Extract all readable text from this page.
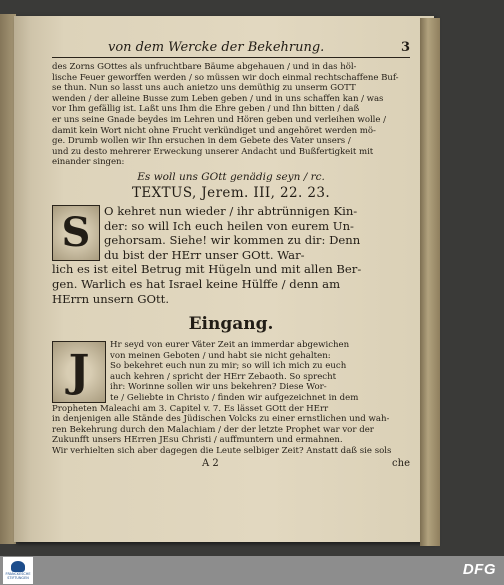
von dem Wercke der Bekehrung.	3
des Zorns GOttes als unfruchtbare Bäume abgehauen / und in das höl-
lische Feuer geworffen werden / so müssen wir doch einmal rechtschaffene Buf-
se thun. Nun so lasst uns auch anietzo uns demüthig zu unserm GOTT
wenden / der alleine Busse zum Leben geben / und in uns schaffen kan / was
vor Ihm gefällig ist. Laßt uns Ihm die Ehre geben / und Ihn bitten / daß
er uns seine Gnade beydes im Lehren und Hören geben und verleihen wolle /
damit kein Wort nicht ohne Frucht verkündiget und angehöret werden mö-
ge. Drumb wollen wir Ihn ersuchen in dem Gebete des Vater unsers /
und zu desto mehrerer Erweckung unserer Andacht und Bußfertigkeit mit
einander singen:
Es woll uns GOtt genädig seyn / rc.
TEXTUS, Jerem. III, 22. 23.
S	O kehret nun wieder / ihr abtrünnigen Kin-
der: so will Ich euch heilen von eurem Un-
gehorsam. Siehe! wir kommen zu dir: Denn
du bist der HErr unser GOtt. War-
lich es ist eitel Betrug mit Hügeln und mit allen Ber-
gen. Warlich es hat Israel keine Hülffe / denn am
HErrn unsern GOtt.
Eingang.
J
Hr seyd von eurer Väter Zeit an immerdar abgewichen
von meinen Geboten / und habt sie nicht gehalten:
So bekehret euch nun zu mir; so will ich mich zu euch
auch kehren / spricht der HErr Zebaoth. So sprecht
ihr: Worinne sollen wir uns bekehren? Diese Wor-
te / Geliebte in Christo / finden wir aufgezeichnet in dem
Propheten Maleachi am 3. Capitel v. 7. Es lässet GOtt der HErr
in denjenigen alle Stände des Jüdischen Volcks zu einer ernstlichen und wah-
ren Bekehrung durch den Malachiam / der der letzte Prophet war vor der
Zukunfft unsers HErren JEsu Christi / auffmuntern und ermahnen.
Wir verhielten sich aber dagegen die Leute selbiger Zeit? Anstatt daß sie sols
A 2	che
FRANCKESCHE STIFTUNGEN	DFG
